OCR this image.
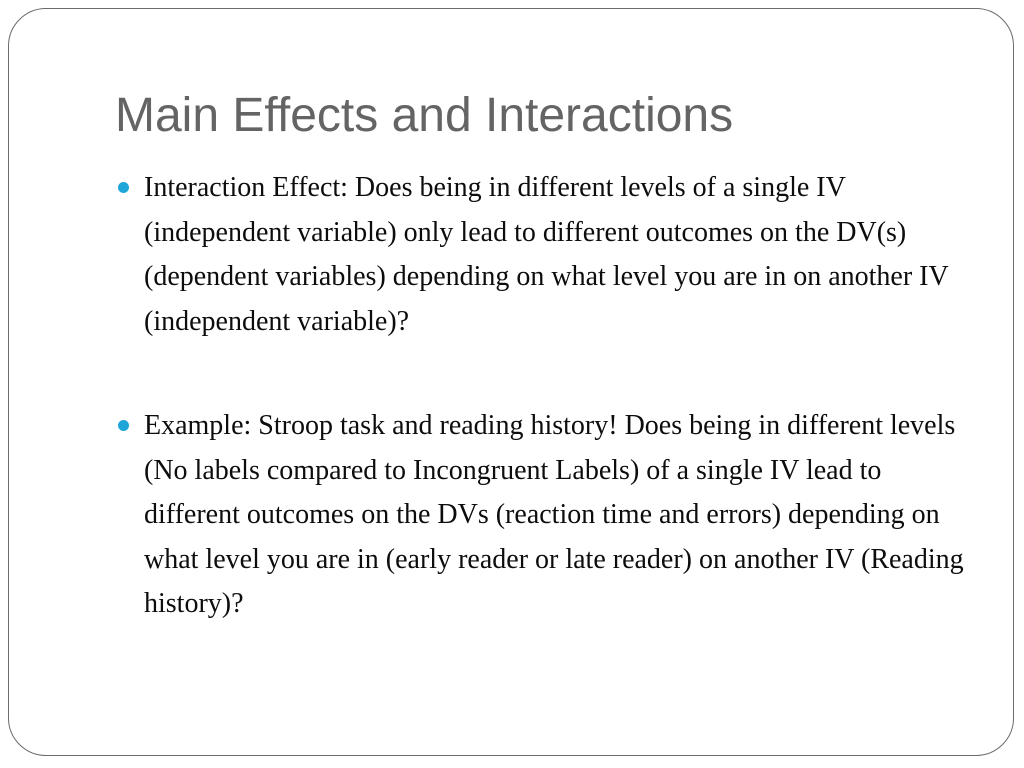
Main Effects and Interactions
Interaction Effect: Does being in different levels of a single IV (independent variable) only lead to different outcomes on the DV(s) (dependent variables) depending on what level you are in on another IV (independent variable)?
Example: Stroop task and reading history! Does being in different levels (No labels compared to Incongruent Labels) of a single IV lead to different outcomes on the DVs (reaction time and errors) depending on what level you are in (early reader or late reader) on another IV (Reading history)?
